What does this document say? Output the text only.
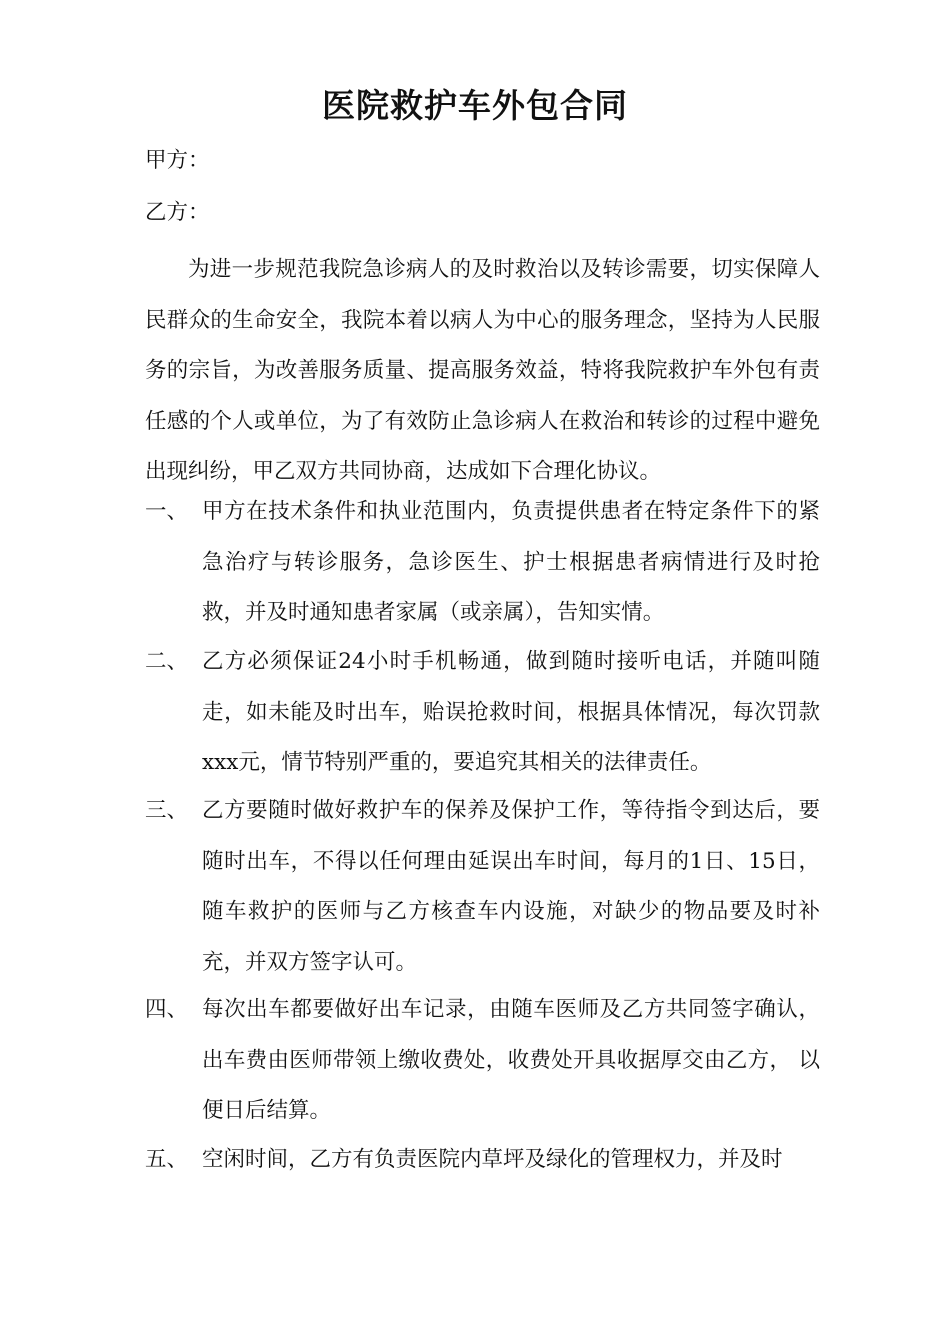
医院救护车外包合同
甲方：
乙方：

为进一步规范我院急诊病人的及时救治以及转诊需要，切实保障人民群众的生命安全，我院本着以病人为中心的服务理念，坚持为人民服务的宗旨，为改善服务质量、提高服务效益，特将我院救护车外包有责任感的个人或单位，为了有效防止急诊病人在救治和转诊的过程中避免出现纠纷，甲乙双方共同协商，达成如下合理化协议。

一、 甲方在技术条件和执业范围内，负责提供患者在特定条件下的紧急治疗与转诊服务，急诊医生、护士根据患者病情进行及时抢救，并及时通知患者家属（或亲属），告知实情。

二、 乙方必须保证24小时手机畅通，做到随时接听电话，并随叫随走，如未能及时出车，贻误抢救时间，根据具体情况，每次罚款xxx元，情节特别严重的，要追究其相关的法律责任。

三、 乙方要随时做好救护车的保养及保护工作，等待指令到达后，要随时出车，不得以任何理由延误出车时间，每月的1日、15日，随车救护的医师与乙方核查车内设施，对缺少的物品要及时补充，并双方签字认可。

四、 每次出车都要做好出车记录，由随车医师及乙方共同签字确认， 出车费由医师带领上缴收费处，收费处开具收据厚交由乙方， 以便日后结算。

五、 空闲时间，乙方有负责医院内草坪及绿化的管理权力，并及时
